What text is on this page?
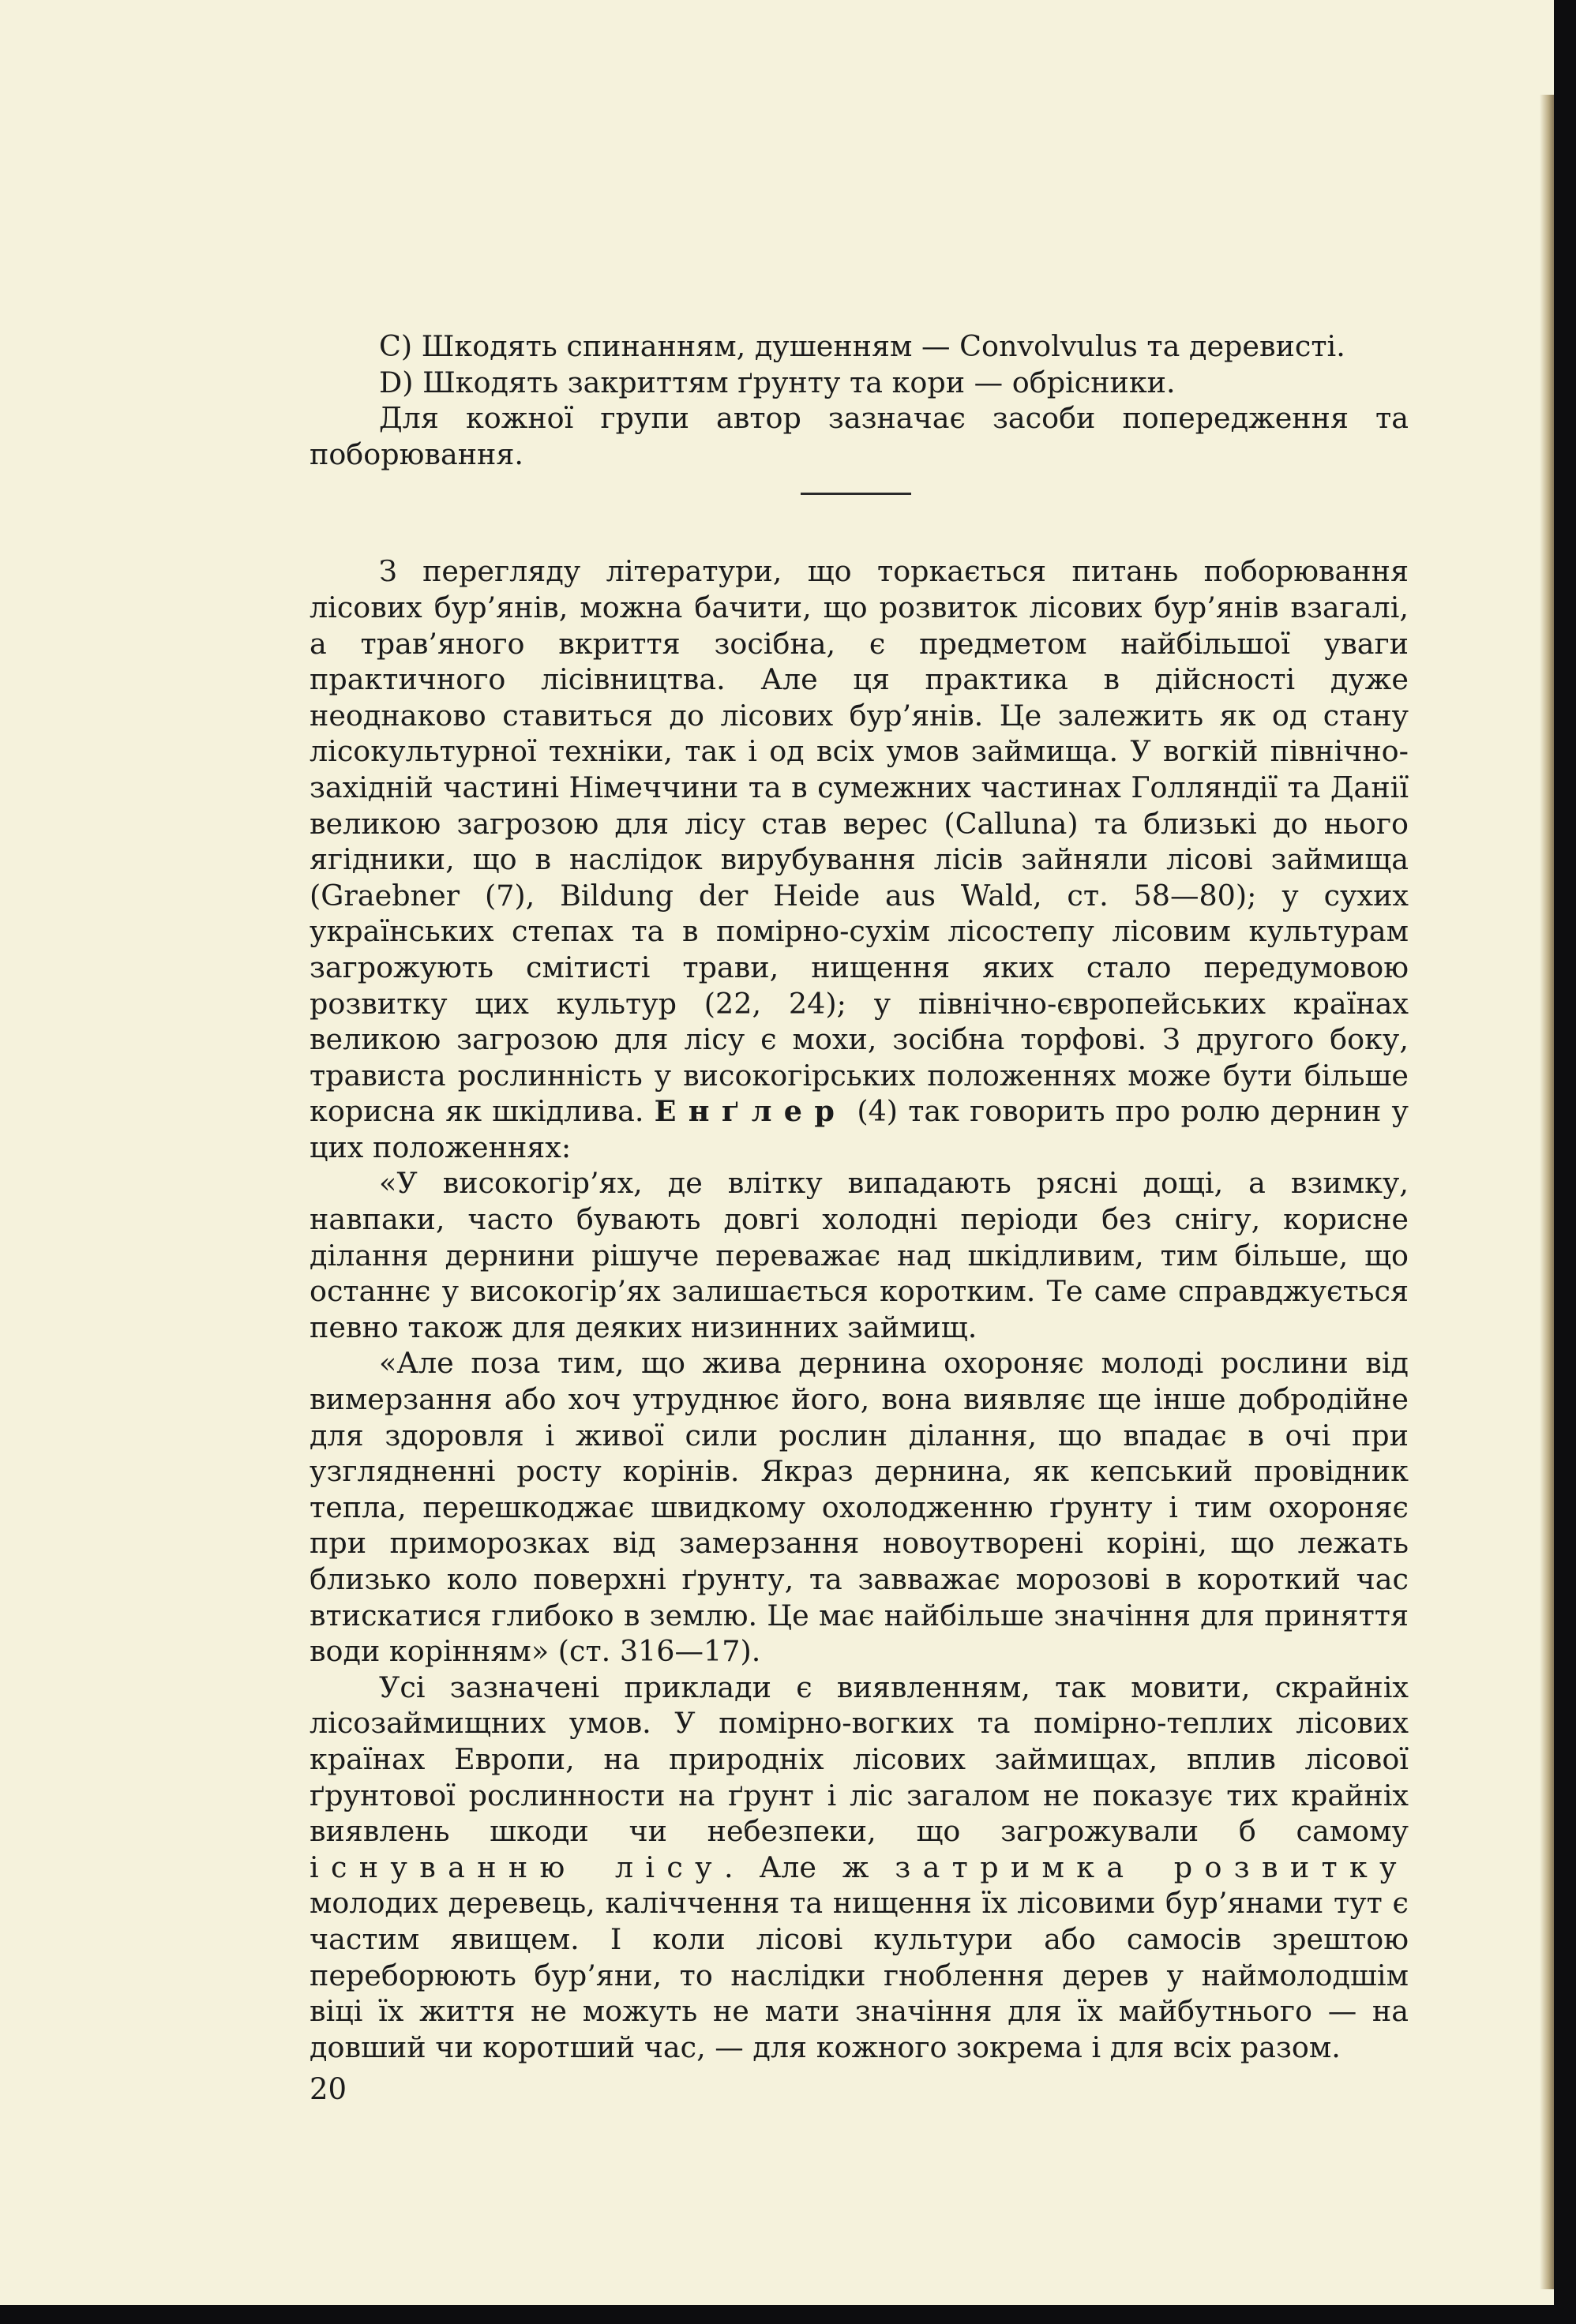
C) Шкодять спинанням, душенням — Convolvulus та деревисті.

D) Шкодять закриттям ґрунту та кори — обрісники.

Для кожної групи автор зазначає засоби попередження та поборювання.

З перегляду літератури, що торкається питань поборювання лісових бур’янів, можна бачити, що розвиток лісових бур’янів взагалі, а трав’яного вкриття зосібна, є предметом найбільшої уваги практичного лісівництва. Але ця практика в дійсності дуже неоднаково ставиться до лісових бур’янів. Це залежить як од стану лісокультурної техніки, так і од всіх умов займища. У вогкій північно-західній частині Німеччини та в сумежних частинах Голляндії та Данії великою загрозою для лісу став верес (Calluna) та близькі до нього ягідники, що в наслідок вирубування лісів зайняли лісові займища (Graebner (7), Bildung der Heide aus Wald, ст. 58—80); у сухих українських степах та в помірно-сухім лісостепу лісовим культурам загрожують смітисті трави, нищення яких стало передумовою розвитку цих культур (22, 24); у північно-європейських країнах великою загрозою для лісу є мохи, зосібна торфові. З другого боку, трависта рослинність у високогірських положеннях може бути більше корисна як шкідлива. Енґлер (4) так говорить про ролю дернин у цих положеннях:

«У високогір’ях, де влітку випадають рясні дощі, а взимку, навпаки, часто бувають довгі холодні періоди без снігу, корисне ділання дернини рішуче переважає над шкідливим, тим більше, що останнє у високогір’ях залишається коротким. Те саме справджується певно також для деяких низинних займищ.

«Але поза тим, що жива дернина охороняє молоді рослини від вимерзання або хоч утруднює його, вона виявляє ще інше добродійне для здоровля і живої сили рослин ділання, що впадає в очі при узглядненні росту корінів. Якраз дернина, як кепський провідник тепла, перешкоджає швидкому охолодженню ґрунту і тим охороняє при приморозках від замерзання новоутворені коріні, що лежать близько коло поверхні ґрунту, та завважає морозові в короткий час втискатися глибоко в землю. Це має найбільше значіння для приняття води корінням» (ст. 316—17).

Усі зазначені приклади є виявленням, так мовити, скрайніх лісозаймищних умов. У помірно-вогких та помірно-теплих лісових країнах Европи, на природніх лісових займищах, вплив лісової ґрунтової рослинности на ґрунт і ліс загалом не показує тих крайніх виявлень шкоди чи небезпеки, що загрожували б самому існуванню лісу. Але ж затримка розвитку молодих деревець, каліччення та нищення їх лісовими бур’янами тут є частим явищем. І коли лісові культури або самосів зрештою переборюють бур’яни, то наслідки гноблення дерев у наймолодшім віці їх життя не можуть не мати значіння для їх майбутнього — на довший чи коротший час, — для кожного зокрема і для всіх разом.

20
